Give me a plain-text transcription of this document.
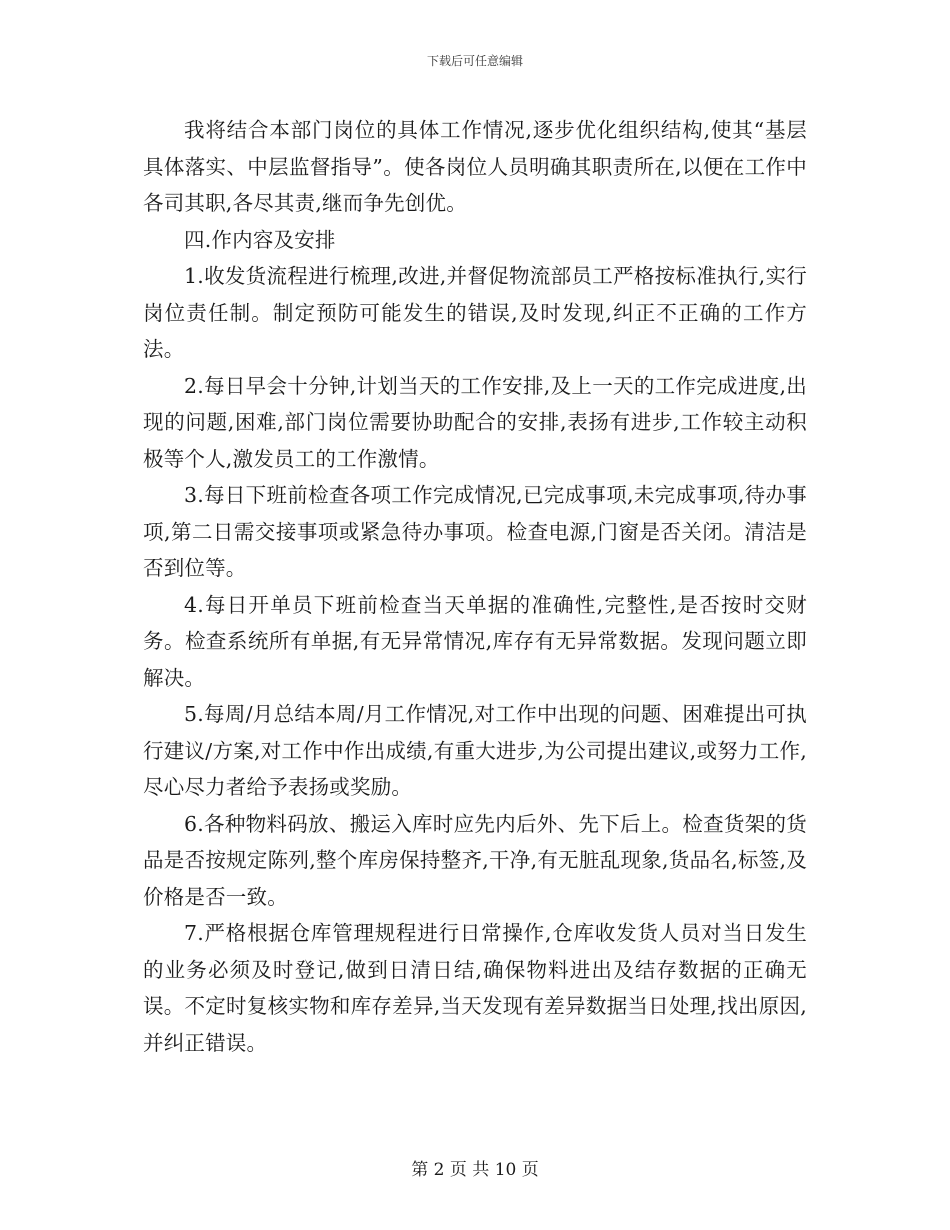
下载后可任意编辑

我将结合本部门岗位的具体工作情况,逐步优化组织结构,使其“基层具体落实、中层监督指导”。使各岗位人员明确其职责所在,以便在工作中各司其职,各尽其责,继而争先创优。

四.作内容及安排

1.收发货流程进行梳理,改进,并督促物流部员工严格按标准执行,实行岗位责任制。制定预防可能发生的错误,及时发现,纠正不正确的工作方法。

2.每日早会十分钟,计划当天的工作安排,及上一天的工作完成进度,出现的问题,困难,部门岗位需要协助配合的安排,表扬有进步,工作较主动积极等个人,激发员工的工作激情。

3.每日下班前检查各项工作完成情况,已完成事项,未完成事项,待办事项,第二日需交接事项或紧急待办事项。检查电源,门窗是否关闭。清洁是否到位等。

4.每日开单员下班前检查当天单据的准确性,完整性,是否按时交财务。检查系统所有单据,有无异常情况,库存有无异常数据。发现问题立即解决。

5.每周/月总结本周/月工作情况,对工作中出现的问题、困难提出可执行建议/方案,对工作中作出成绩,有重大进步,为公司提出建议,或努力工作,尽心尽力者给予表扬或奖励。

6.各种物料码放、搬运入库时应先内后外、先下后上。检查货架的货品是否按规定陈列,整个库房保持整齐,干净,有无脏乱现象,货品名,标签,及价格是否一致。

7.严格根据仓库管理规程进行日常操作,仓库收发货人员对当日发生的业务必须及时登记,做到日清日结,确保物料进出及结存数据的正确无误。不定时复核实物和库存差异,当天发现有差异数据当日处理,找出原因,并纠正错误。

第 2 页 共 10 页
